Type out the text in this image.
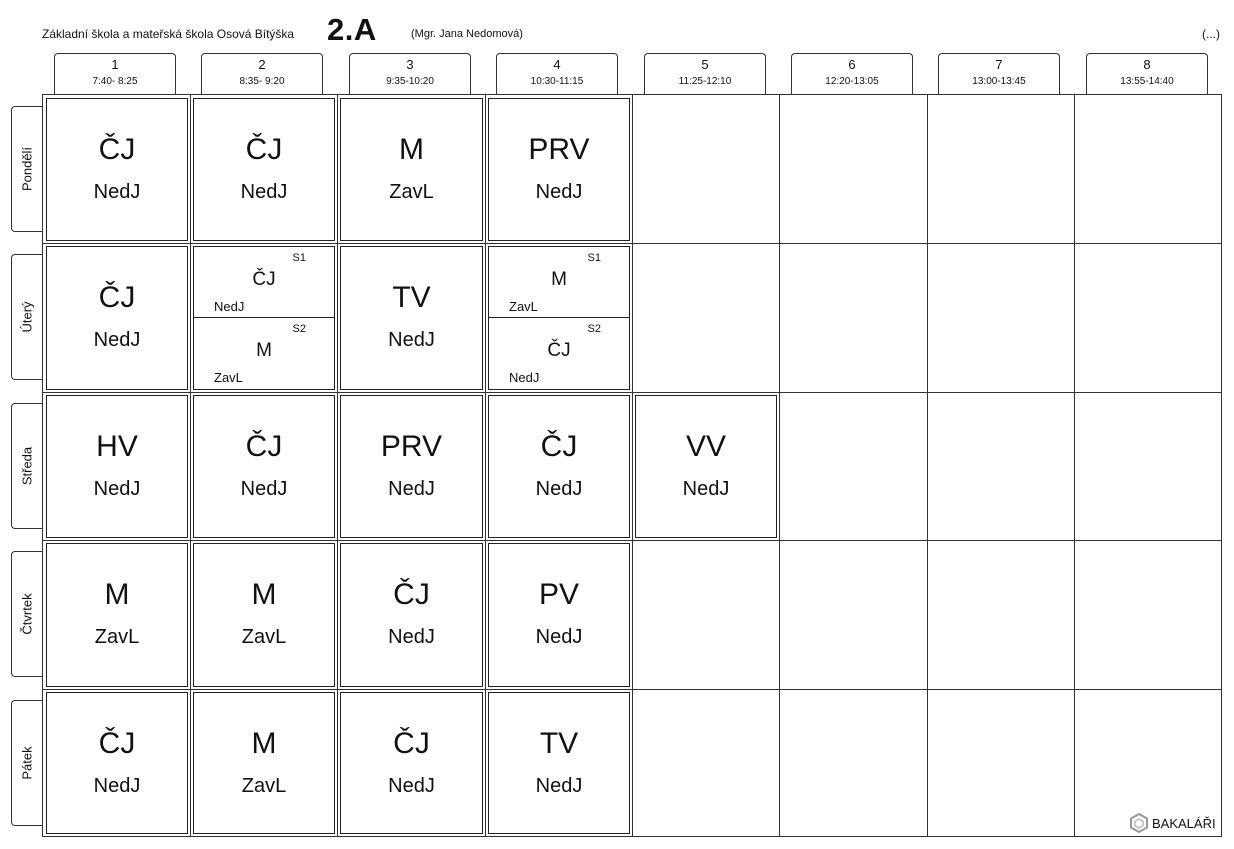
Základní škola a mateřská škola Osová Bítýška 2.A	(Mgr. Jana Nedomová)	(...)
1
7:40- 8:25
2
8:35- 9:20
3
9:35-10:20
4
10:30-11:15
5
11:25-12:10
6
12:20-13:05
7
13:00-13:45
8
13:55-14:40
Pondělí
Úterý
Středa
Čtvrtek
Pátek
ČJ
NedJ
ČJ
NedJ
M
ZavL
PRV
NedJ
ČJ
NedJ
S1
ČJ
NedJ
S2
M
ZavL
TV
NedJ
S1
M
ZavL
S2
ČJ
NedJ
HV
NedJ
ČJ
NedJ
PRV
NedJ
ČJ
NedJ
VV
NedJ
M
ZavL
M
ZavL
ČJ
NedJ
PV
NedJ
ČJ
NedJ
M
ZavL
ČJ
NedJ
TV
NedJ
BAKALÁŘI
